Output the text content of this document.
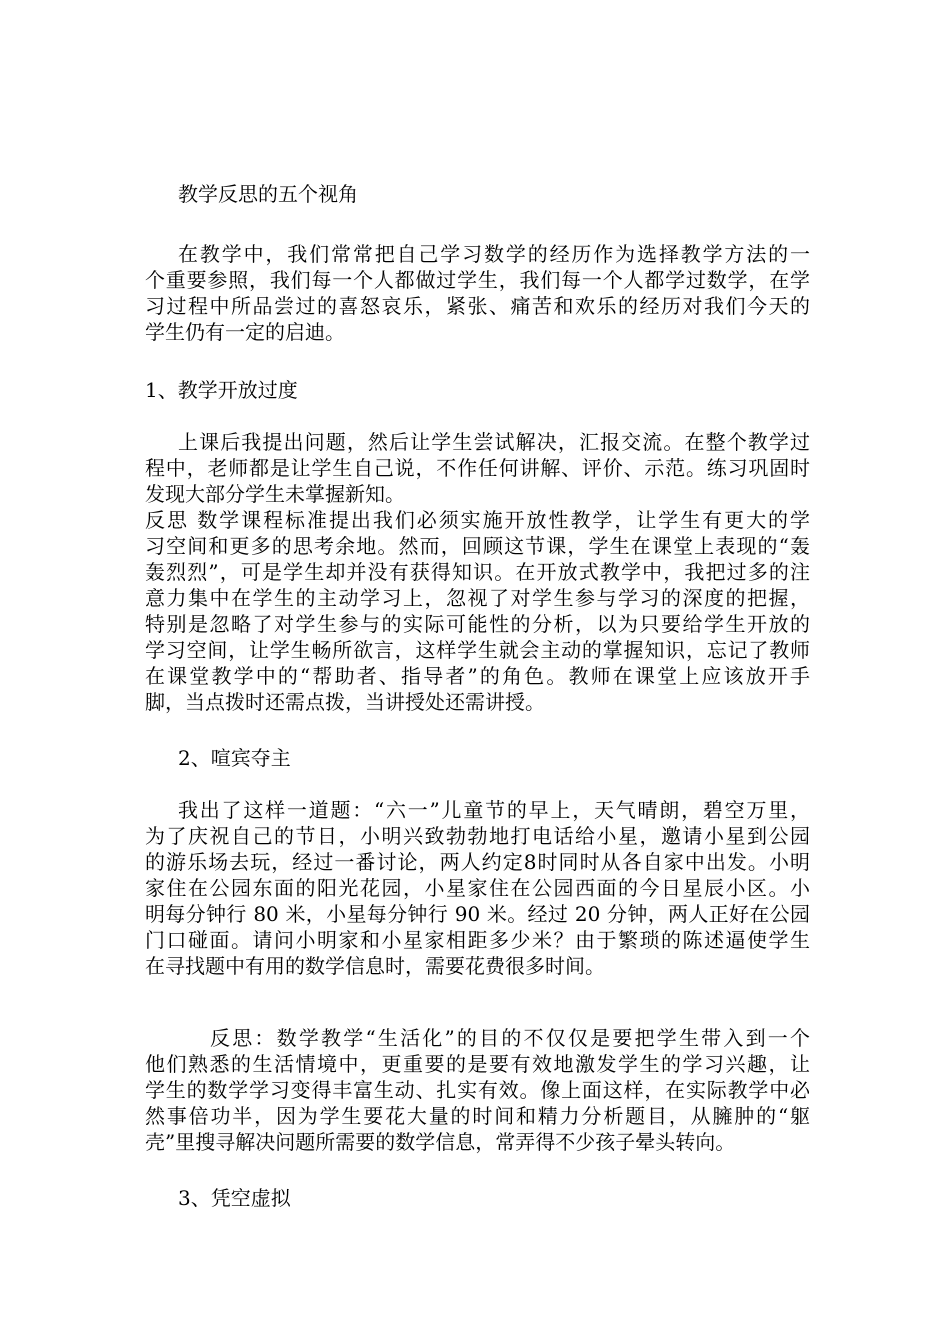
教学反思的五个视角
在教学中，我们常常把自己学习数学的经历作为选择教学方法的一
个重要参照，我们每一个人都做过学生，我们每一个人都学过数学，在学
习过程中所品尝过的喜怒哀乐，紧张、痛苦和欢乐的经历对我们今天的
学生仍有一定的启迪。
1、教学开放过度
上课后我提出问题，然后让学生尝试解决，汇报交流。在整个教学过
程中，老师都是让学生自己说，不作任何讲解、评价、示范。练习巩固时
发现大部分学生未掌握新知。
反思 数学课程标准提出我们必须实施开放性教学，让学生有更大的学
习空间和更多的思考余地。然而，回顾这节课，学生在课堂上表现的“轰
轰烈烈”，可是学生却并没有获得知识。在开放式教学中，我把过多的注
意力集中在学生的主动学习上，忽视了对学生参与学习的深度的把握，
特别是忽略了对学生参与的实际可能性的分析，以为只要给学生开放的
学习空间，让学生畅所欲言，这样学生就会主动的掌握知识，忘记了教师
在课堂教学中的“帮助者、指导者”的角色。教师在课堂上应该放开手
脚，当点拨时还需点拨，当讲授处还需讲授。
2、喧宾夺主
我出了这样一道题：“六一”儿童节的早上，天气晴朗，碧空万里，
为了庆祝自己的节日，小明兴致勃勃地打电话给小星，邀请小星到公园
的游乐场去玩，经过一番讨论，两人约定8时同时从各自家中出发。小明
家住在公园东面的阳光花园，小星家住在公园西面的今日星辰小区。小
明每分钟行 80 米，小星每分钟行 90 米。经过 20 分钟，两人正好在公园
门口碰面。请问小明家和小星家相距多少米？由于繁琐的陈述逼使学生
在寻找题中有用的数学信息时，需要花费很多时间。
反思：数学教学“生活化”的目的不仅仅是要把学生带入到一个
他们熟悉的生活情境中，更重要的是要有效地激发学生的学习兴趣，让
学生的数学学习变得丰富生动、扎实有效。像上面这样，在实际教学中必
然事倍功半，因为学生要花大量的时间和精力分析题目，从臃肿的“躯
壳”里搜寻解决问题所需要的数学信息，常弄得不少孩子晕头转向。
3、凭空虚拟
